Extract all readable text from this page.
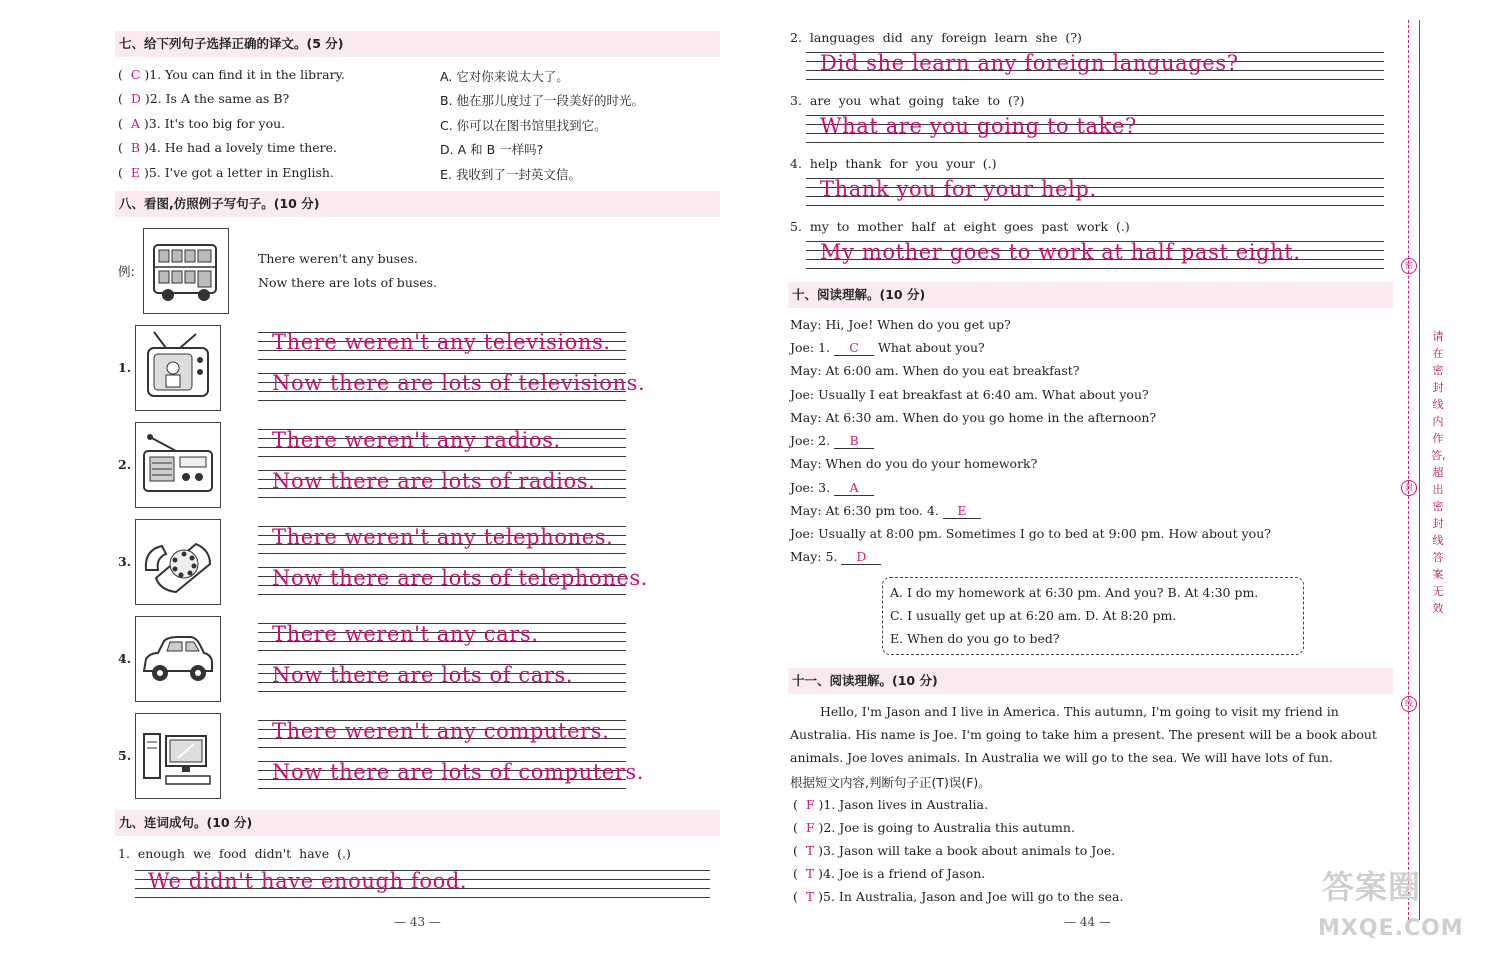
七、给下列句子选择正确的译文。(5 分)
(  C )1. You can find it in the library.	A. 它对你来说太大了。
(  D )2. Is A the same as B?	B. 他在那儿度过了一段美好的时光。
(  A )3. It's too big for you.	C. 你可以在图书馆里找到它。
(  B )4. He had a lovely time there.	D. A 和 B 一样吗?
(  E )5. I've got a letter in English.	E. 我收到了一封英文信。
八、看图,仿照例子写句子。(10 分)
例:
There weren't any buses.
Now there are lots of buses.
1.
There weren't any televisions.
Now there are lots of televisions.
2.
There weren't any radios.
Now there are lots of radios.
3.
There weren't any telephones.
Now there are lots of telephones.
4.
There weren't any cars.
Now there are lots of cars.
5.
There weren't any computers.
Now there are lots of computers.
九、连词成句。(10 分)
1. enough we food didn't have (.)
We didn't have enough food.
— 43 —
2. languages did any foreign learn she (?)
Did she learn any foreign languages?
3. are you what going take to (?)
What are you going to take?
4. help thank for you your (.)
Thank you for your help.
5. my to mother half at eight goes past work (.)
My mother goes to work at half past eight.
十、阅读理解。(10 分)
May: Hi, Joe! When do you get up?
Joe: 1. C What about you?
May: At 6:00 am. When do you eat breakfast?
Joe: Usually I eat breakfast at 6:40 am. What about you?
May: At 6:30 am. When do you go home in the afternoon?
Joe: 2. B
May: When do you do your homework?
Joe: 3. A
May: At 6:30 pm too. 4. E
Joe: Usually at 8:00 pm. Sometimes I go to bed at 9:00 pm. How about you?
May: 5. D
A. I do my homework at 6:30 pm. And you? B. At 4:30 pm.
C. I usually get up at 6:20 am. D. At 8:20 pm.
E. When do you go to bed?
十一、阅读理解。(10 分)
Hello, I'm Jason and I live in America. This autumn, I'm going to visit my friend in
Australia. His name is Joe. I'm going to take him a present. The present will be a book about
animals. Joe loves animals. In Australia we will go to the sea. We will have lots of fun.
根据短文内容,判断句子正(T)误(F)。
(  F )1. Jason lives in Australia.
(  F )2. Joe is going to Australia this autumn.
(  T )3. Jason will take a book about animals to Joe.
(  T )4. Joe is a friend of Jason.
(  T )5. In Australia, Jason and Joe will go to the sea.
— 44 —
密
封
线
请在密封线内作答,超出密封线答案无效
答案圈
MXQE.COM
